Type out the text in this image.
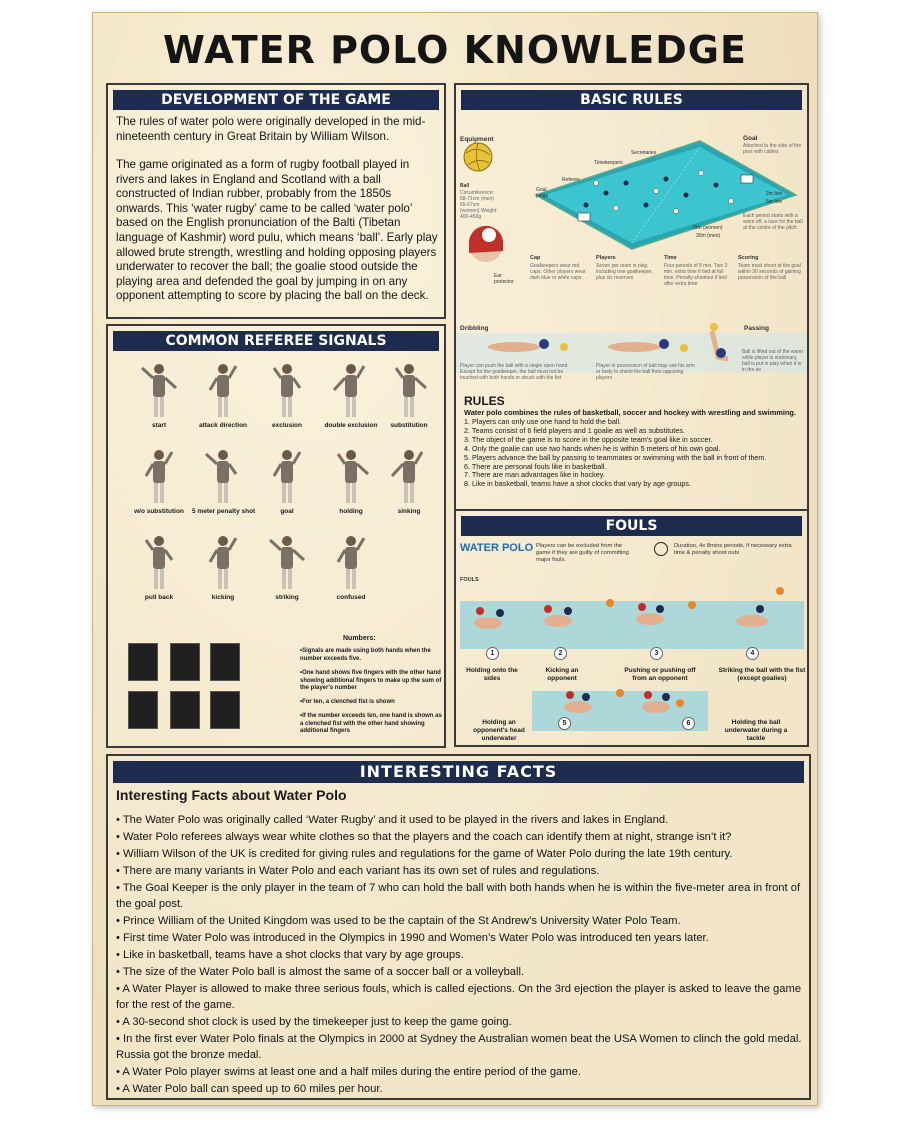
WATER POLO KNOWLEDGE
DEVELOPMENT OF THE GAME
The rules of water polo were originally developed in the mid-nineteenth century in Great Britain by William Wilson.
The game originated as a form of rugby football played in rivers and lakes in England and Scotland with a ball constructed of Indian rubber, probably from the 1850s onwards. This ‘water rugby’ came to be called ‘water polo’ based on the English pronunciation of the Balti (Tibetan language of Kashmir) word pulu, which means ‘ball’. Early play allowed brute strength, wrestling and holding opposing players underwater to recover the ball; the goalie stood outside the playing area and defended the goal by jumping in on any opponent attempting to score by placing the ball on the deck.
COMMON REFEREE SIGNALS
start	attack direction	exclusion	double exclusion	substitution
w/o substitution	5 meter penalty shot	goal	holding	sinking
pull back	kicking	striking	confused
Numbers:
•Signals are made using both hands when the number exceeds five.
•One hand shows five fingers with the other hand showing additional fingers to make up the sum of the player's number
•For ten, a clenched fist is shown
•If the number exceeds ten, one hand is shown as a clenched fist with the other hand showing additional fingers
BASIC RULES
Equipment	Goal
Attached to the side of the pool with cables
Secretaries
Timekeepers
Referee
Goal judge
Ball
Circumference: 68-71cm (men) 65-67cm (women) Weight: 400-450g
2m line
5m line
Each period starts with a swim off, a race for the ball at the centre of the pitch
25m (women)
30m (men)
Cap
Goalkeepers wear red caps. Other players wear dark blue or white caps
Players
Seven per team in play, including one goalkeeper, plus six reserves
Time
Four periods of 8 min. Two 3 min. extra time if tied at full time. Penalty shootout if tied after extra time
Scoring
Team must shoot at the goal within 30 seconds of gaining possession of the ball
Ear protector
Dribbling	Passing
Player can push the ball with a single open hand. Except for the goalkeeper, the ball must not be touched with both hands or struck with the fist
Player in possession of ball may use his arm or body to shield the ball from opposing players
Ball is lifted out of the water while player is stationary, ball is put in play when it is in the air
RULES
Water polo combines the rules of basketball, soccer and hockey with wrestling and swimming.
1. Players can only use one hand to hold the ball.
2. Teams consist of 6 field players and 1 goalie as well as substitutes.
3. The object of the game is to score in the opposite team's goal like in soccer.
4. Only the goalie can use two hands when he is within 5 meters of his own goal.
5. Players advance the ball by passing to teammates or swimming with the ball in front of them.
6. There are personal fouls like in basketball.
7. There are man advantages like in hockey.
8. Like in basketball, teams have a shot clocks that vary by age groups.
FOULS
WATER POLO Players can be excluded from the game if they are guilty of committing major fouls.
Duration, 4x 8mins periods, if necessary extra time & penalty shoot outs
FOULS
1	2	3	4
5	6
Holding onto the sides
Kicking an opponent
Pushing or pushing off from an opponent
Striking the ball with the fist (except goalies)
Holding an opponent's head underwater
Holding the ball underwater during a tackle
INTERESTING FACTS
Interesting Facts about Water Polo
• The Water Polo was originally called ‘Water Rugby’ and it used to be played in the rivers and lakes in England.
• Water Polo referees always wear white clothes so that the players and the coach can identify them at night, strange isn’t it?
• William Wilson of the UK is credited for giving rules and regulations for the game of Water Polo during the late 19th century.
• There are many variants in Water Polo and each variant has its own set of rules and regulations.
• The Goal Keeper is the only player in the team of 7 who can hold the ball with both hands when he is within the five-meter area in front of the goal post.
• Prince William of the United Kingdom was used to be the captain of the St Andrew’s University Water Polo Team.
• First time Water Polo was introduced in the Olympics in 1990 and Women’s Water Polo was introduced ten years later.
• Like in basketball, teams have a shot clocks that vary by age groups.
• The size of the Water Polo ball is almost the same of a soccer ball or a volleyball.
• A Water Player is allowed to make three serious fouls, which is called ejections. On the 3rd ejection the player is asked to leave the game for the rest of the game.
• A 30-second shot clock is used by the timekeeper just to keep the game going.
• In the first ever Water Polo finals at the Olympics in 2000 at Sydney the Australian women beat the USA Women to clinch the gold medal. Russia got the bronze medal.
• A Water Polo player swims at least one and a half miles during the entire period of the game.
• A Water Polo ball can speed up to 60 miles per hour.
